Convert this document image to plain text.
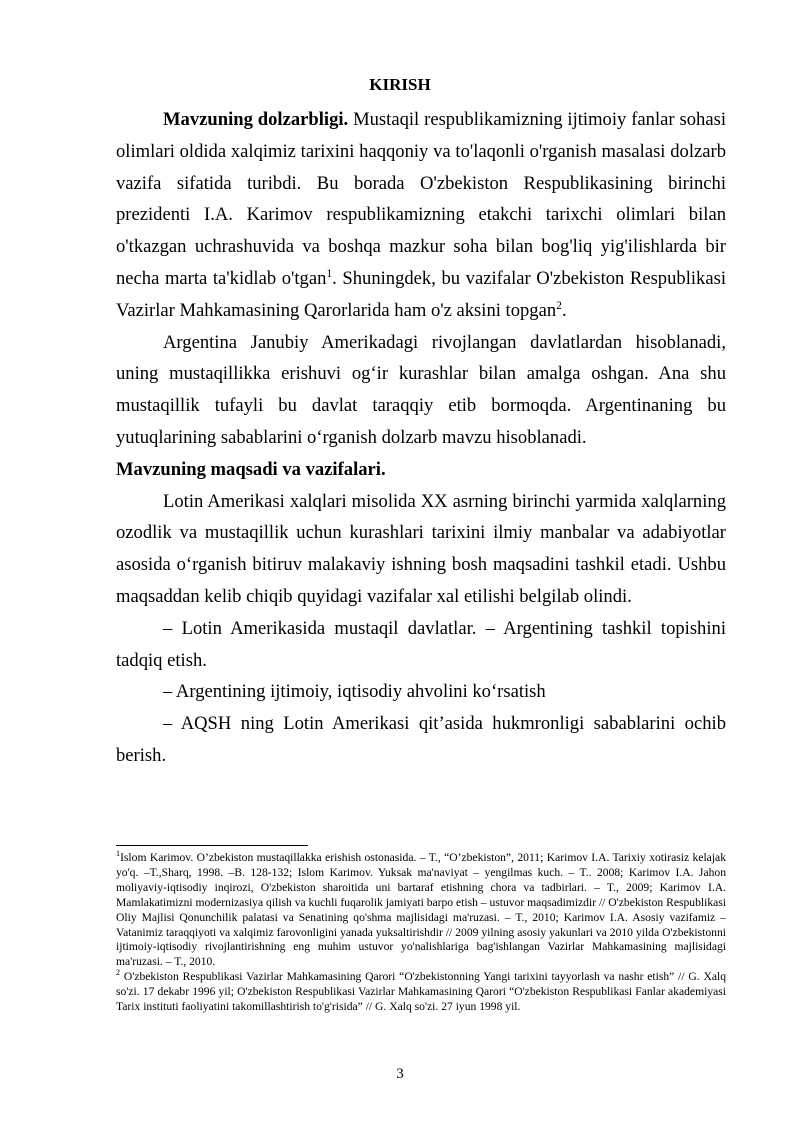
KIRISH

Mavzuning dolzarbligi. Mustaqil respublikamizning ijtimoiy fanlar sohasi olimlari oldida xalqimiz tarixini haqqoniy va to'laqonli o'rganish masalasi dolzarb vazifa sifatida turibdi. Bu borada O'zbekiston Respublikasining birinchi prezidenti I.A. Karimov respublikamizning etakchi tarixchi olimlari bilan o'tkazgan uchrashuvida va boshqa mazkur soha bilan bog'liq yig'ilishlarda bir necha marta ta'kidlab o'tgan$^1$. Shuningdek, bu vazifalar O'zbekiston Respublikasi Vazirlar Mahkamasining Qarorlarida ham o'z aksini topgan$^2$.

Argentina Janubiy Amerikadagi rivojlangan davlatlardan hisoblanadi, uning mustaqillikka erishuvi og‘ir kurashlar bilan amalga oshgan. Ana shu mustaqillik tufayli bu davlat taraqqiy etib bormoqda. Argentinaning bu yutuqlarining sabablarini o‘rganish dolzarb mavzu hisoblanadi.

Mavzuning maqsadi va vazifalari.

Lotin Amerikasi xalqlari misolida XX asrning birinchi yarmida xalqlarning ozodlik va mustaqillik uchun kurashlari tarixini ilmiy manbalar va adabiyotlar asosida o‘rganish bitiruv malakaviy ishning bosh maqsadini tashkil etadi. Ushbu maqsaddan kelib chiqib quyidagi vazifalar xal etilishi belgilab olindi.

– Lotin Amerikasida mustaqil davlatlar. – Argentining tashkil topishini tadqiq etish.

– Argentining ijtimoiy, iqtisodiy ahvolini ko‘rsatish

– AQSH ning Lotin Amerikasi qit’asida hukmronligi sabablarini ochib berish.

$^1$Islom Karimov. O’zbekiston mustaqillakka erishish ostonasida. – T., “O’zbekiston”, 2011; Karimov I.A. Tarixiy xotirasiz kelajak yo'q. –T.,Sharq, 1998. –B. 128-132; Islom Karimov. Yuksak ma'naviyat – yengilmas kuch. – T.. 2008; Karimov I.A. Jahon moliyaviy-iqtisodiy inqirozi, O'zbekiston sharoitida uni bartaraf etishning chora va tadbirlari. – T., 2009; Karimov I.A. Mamlakatimizni modernizasiya qilish va kuchli fuqarolik jamiyati barpo etish – ustuvor maqsadimizdir // O'zbekiston Respublikasi Oliy Majlisi Qonunchilik palatasi va Senatining qo'shma majlisidagi ma'ruzasi. – T., 2010; Karimov I.A. Asosiy vazifamiz – Vatanimiz taraqqiyoti va xalqimiz farovonligini yanada yuksaltirishdir // 2009 yilning asosiy yakunlari va 2010 yilda O'zbekistonni ijtimoiy-iqtisodiy rivojlantirishning eng muhim ustuvor yo'nalishlariga bag'ishlangan Vazirlar Mahkamasining majlisidagi ma'ruzasi. – T., 2010.

$^2$ O'zbekiston Respublikasi Vazirlar Mahkamasining Qarori “O'zbekistonning Yangi tarixini tayyorlash va nashr etish” // G. Xalq so'zi. 17 dekabr 1996 yil; O'zbekiston Respublikasi Vazirlar Mahkamasining Qarori “O'zbekiston Respublikasi Fanlar akademiyasi Tarix instituti faoliyatini takomillashtirish to'g'risida” // G. Xalq so'zi. 27 iyun 1998 yil.

3
